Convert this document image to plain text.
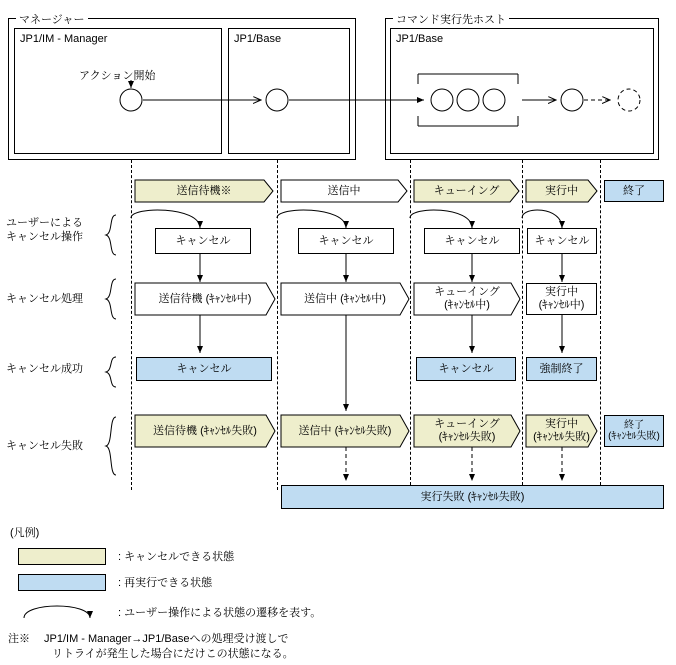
マネージャー	コマンド実行先ホスト
JP1/IM - Manager	JP1/Base	JP1/Base
アクション開始
送信待機※	送信中	キューイング	実行中	終了
ユーザーによる
キャンセル操作
キャンセル処理
キャンセル成功
キャンセル失敗
キャンセル	キャンセル	キャンセル	キャンセル
送信待機 (ｷｬﾝｾﾙ中)	送信中 (ｷｬﾝｾﾙ中)
キューイング
(ｷｬﾝｾﾙ中)
実行中
(ｷｬﾝｾﾙ中)
キャンセル	キャンセル	強制終了
送信待機 (ｷｬﾝｾﾙ失敗)	送信中 (ｷｬﾝｾﾙ失敗)
キューイング
(ｷｬﾝｾﾙ失敗)
実行中
(ｷｬﾝｾﾙ失敗)
終了
(ｷｬﾝｾﾙ失敗)
実行失敗 (ｷｬﾝｾﾙ失敗)
(凡例)
: キャンセルできる状態
: 再実行できる状態
: ユーザー操作による状態の遷移を表す。
注※ JP1/IM - Manager→JP1/Baseへの処理受け渡しで
リトライが発生した場合にだけこの状態になる。
